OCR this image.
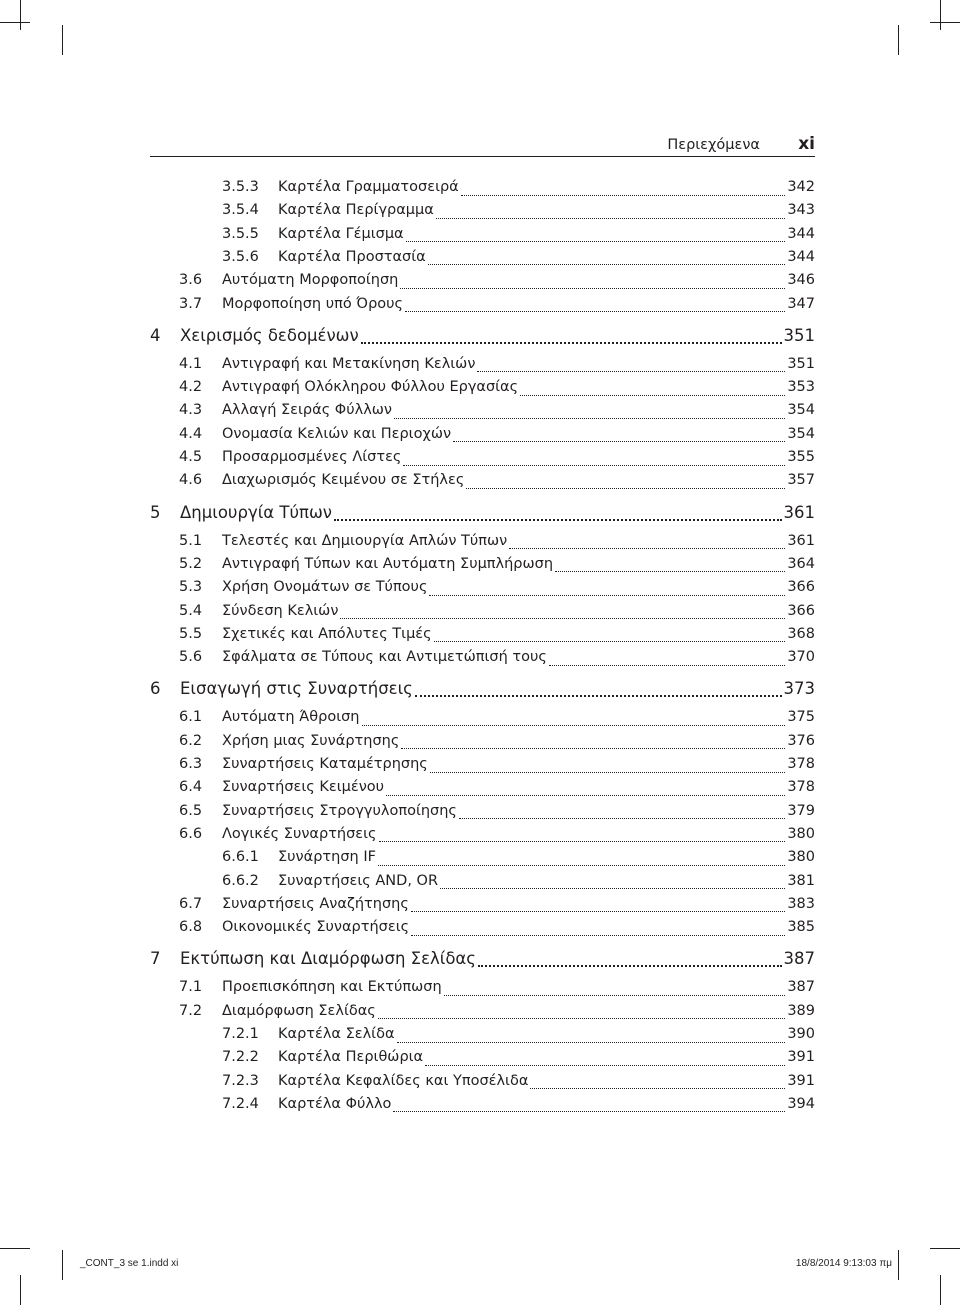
Περιεχόμενα xi
3.5.3	Καρτέλα Γραμματοσειρά	342
3.5.4	Καρτέλα Περίγραμμα	343
3.5.5	Καρτέλα Γέμισμα	344
3.5.6	Καρτέλα Προστασία	344
3.6	Αυτόματη Μορφοποίηση	346
3.7	Μορφοποίηση υπό Όρους	347
4	Χειρισμός δεδομένων	351
4.1	Αντιγραφή και Μετακίνηση Κελιών	351
4.2	Αντιγραφή Ολόκληρου Φύλλου Εργασίας	353
4.3	Αλλαγή Σειράς Φύλλων	354
4.4	Ονομασία Κελιών και Περιοχών	354
4.5	Προσαρμοσμένες Λίστες	355
4.6	Διαχωρισμός Κειμένου σε Στήλες	357
5	Δημιουργία Τύπων	361
5.1	Τελεστές και Δημιουργία Απλών Τύπων	361
5.2	Αντιγραφή Τύπων και Αυτόματη Συμπλήρωση	364
5.3	Χρήση Ονομάτων σε Τύπους	366
5.4	Σύνδεση Κελιών	366
5.5	Σχετικές και Απόλυτες Τιμές	368
5.6	Σφάλματα σε Τύπους και Αντιμετώπισή τους	370
6	Εισαγωγή στις Συναρτήσεις	373
6.1	Αυτόματη Άθροιση	375
6.2	Χρήση μιας Συνάρτησης	376
6.3	Συναρτήσεις Καταμέτρησης	378
6.4	Συναρτήσεις Κειμένου	378
6.5	Συναρτήσεις Στρογγυλοποίησης	379
6.6	Λογικές Συναρτήσεις	380
6.6.1	Συνάρτηση IF	380
6.6.2	Συναρτήσεις AND, OR	381
6.7	Συναρτήσεις Αναζήτησης	383
6.8	Οικονομικές Συναρτήσεις	385
7	Εκτύπωση και Διαμόρφωση Σελίδας	387
7.1	Προεπισκόπηση και Εκτύπωση	387
7.2	Διαμόρφωση Σελίδας	389
7.2.1	Καρτέλα Σελίδα	390
7.2.2	Καρτέλα Περιθώρια	391
7.2.3	Καρτέλα Κεφαλίδες και Υποσέλιδα	391
7.2.4	Καρτέλα Φύλλο	394
_CONT_3 se 1.indd xi	18/8/2014 9:13:03 πμ
